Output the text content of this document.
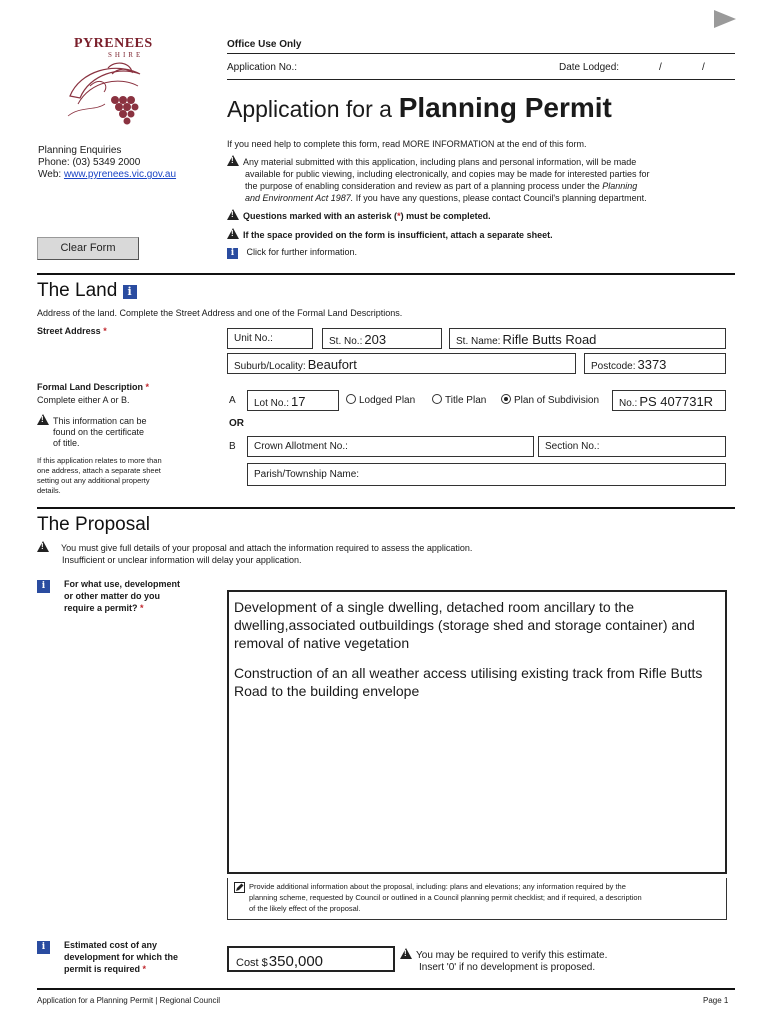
PYRENEES
SHIRE
Office Use Only
Application No.:	Date Lodged:	/	/
Application for a Planning Permit
Planning Enquiries
Phone: (03) 5349 2000
Web: www.pyrenees.vic.gov.au
If you need help to complete this form, read MORE INFORMATION at the end of this form.
!Any material submitted with this application, including plans and personal information, will be made
available for public viewing, including electronically, and copies may be made for interested parties for
the purpose of enabling consideration and review as part of a planning process under the Planning
and Environment Act 1987. If you have any questions, please contact Council's planning department.
!Questions marked with an asterisk (*) must be completed.
!If the space provided on the form is insufficient, attach a separate sheet.
i Click for further information.
Clear Form
The Land i
Address of the land. Complete the Street Address and one of the Formal Land Descriptions.
Street Address *
Unit No.:	St. No.: 203	St. Name: Rifle Butts Road
Suburb/Locality: Beaufort	Postcode: 3373
Formal Land Description *
Complete either A or B.
!This information can be
found on the certificate
of title.
If this application relates to more than
one address, attach a separate sheet
setting out any additional property
details.
A Lot No.: 17	Lodged Plan	Title Plan	Plan of Subdivision No.: PS 407731R
OR
B Crown Allotment No.:	Section No.:
Parish/Township Name:
The Proposal
!You must give full details of your proposal and attach the information required to assess the application.
Insufficient or unclear information will delay your application.
i	For what use, development
or other matter do you
require a permit? *	Development of a single dwelling, detached room ancillary to the dwelling,associated outbuildings (storage shed and storage container) and removal of native vegetation
Construction of an all weather access utilising existing track from Rifle Butts Road to the building envelope
Provide additional information about the proposal, including: plans and elevations; any information required by the
planning scheme, requested by Council or outlined in a Council planning permit checklist; and if required, a description
of the likely effect of the proposal.
i	Estimated cost of any
development for which the
permit is required *	Cost $350,000
!	You may be required to verify this estimate.
Insert '0' if no development is proposed.
Application for a Planning Permit | Regional Council	Page 1
